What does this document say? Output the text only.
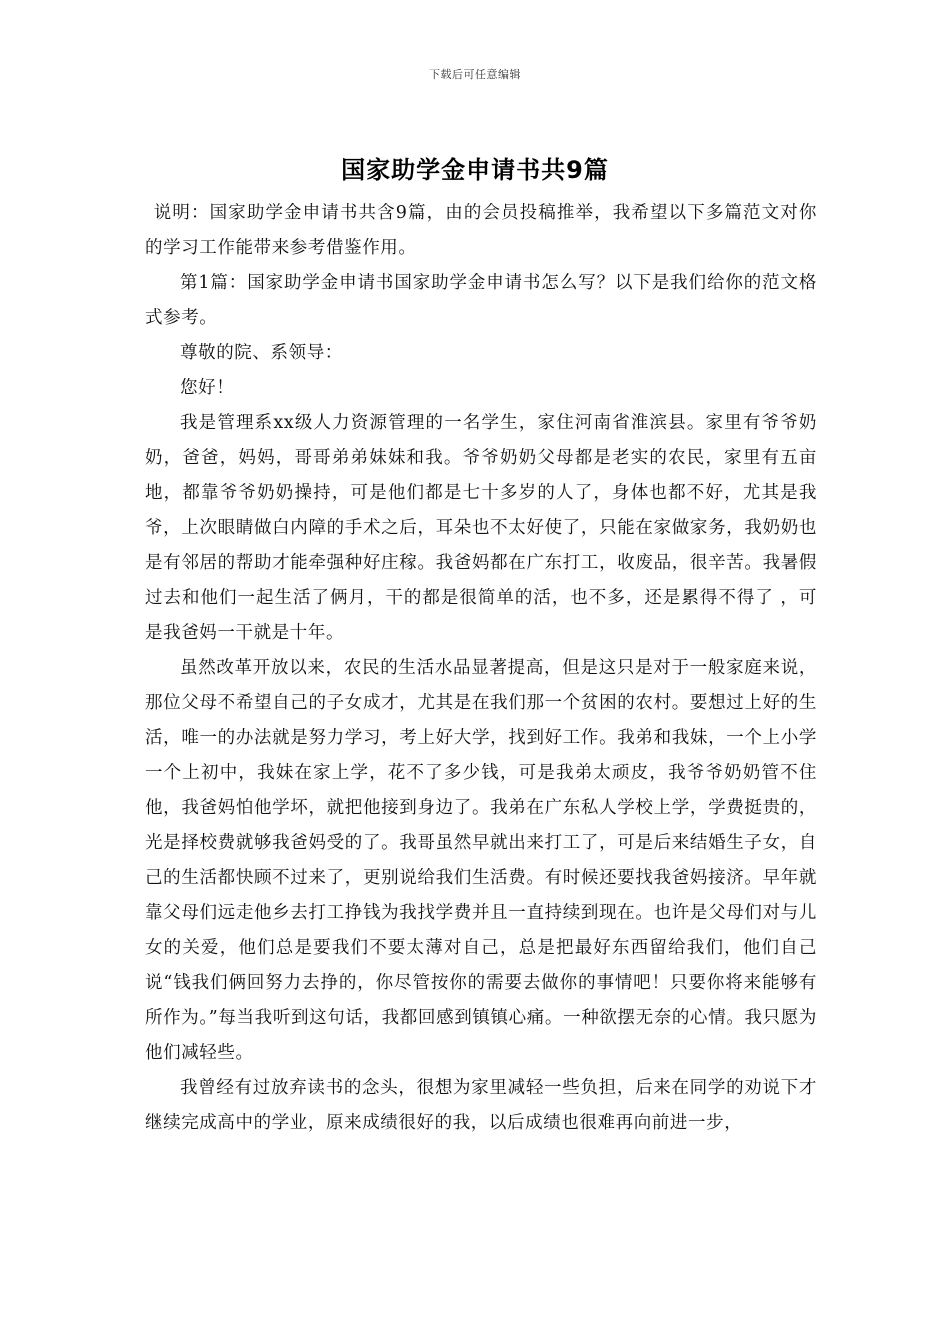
下载后可任意编辑
国家助学金申请书共9篇

说明：国家助学金申请书共含9篇，由的会员投稿推举，我希望以下多篇范文对你的学习工作能带来参考借鉴作用。

第1篇：国家助学金申请书国家助学金申请书怎么写？以下是我们给你的范文格式参考。

尊敬的院、系领导：

您好！

我是管理系xx级人力资源管理的一名学生，家住河南省淮滨县。家里有爷爷奶奶，爸爸，妈妈，哥哥弟弟妹妹和我。爷爷奶奶父母都是老实的农民，家里有五亩地，都靠爷爷奶奶操持，可是他们都是七十多岁的人了，身体也都不好，尤其是我爷，上次眼睛做白内障的手术之后，耳朵也不太好使了，只能在家做家务，我奶奶也是有邻居的帮助才能牵强种好庄稼。我爸妈都在广东打工，收废品，很辛苦。我暑假过去和他们一起生活了俩月，干的都是很简单的活，也不多，还是累得不得了 ，可是我爸妈一干就是十年。

虽然改革开放以来，农民的生活水品显著提高，但是这只是对于一般家庭来说，那位父母不希望自己的子女成才，尤其是在我们那一个贫困的农村。要想过上好的生活，唯一的办法就是努力学习，考上好大学，找到好工作。我弟和我妹，一个上小学一个上初中，我妹在家上学，花不了多少钱，可是我弟太顽皮，我爷爷奶奶管不住他，我爸妈怕他学坏，就把他接到身边了。我弟在广东私人学校上学，学费挺贵的，光是择校费就够我爸妈受的了。我哥虽然早就出来打工了，可是后来结婚生子女，自己的生活都快顾不过来了，更别说给我们生活费。有时候还要找我爸妈接济。早年就靠父母们远走他乡去打工挣钱为我找学费并且一直持续到现在。也许是父母们对与儿女的关爱，他们总是要我们不要太薄对自己，总是把最好东西留给我们，他们自己说“钱我们俩回努力去挣的，你尽管按你的需要去做你的事情吧！只要你将来能够有所作为。”每当我听到这句话，我都回感到镇镇心痛。一种欲摆无奈的心情。我只愿为他们减轻些。

我曾经有过放弃读书的念头，很想为家里减轻一些负担，后来在同学的劝说下才继续完成高中的学业，原来成绩很好的我，以后成绩也很难再向前进一步，
